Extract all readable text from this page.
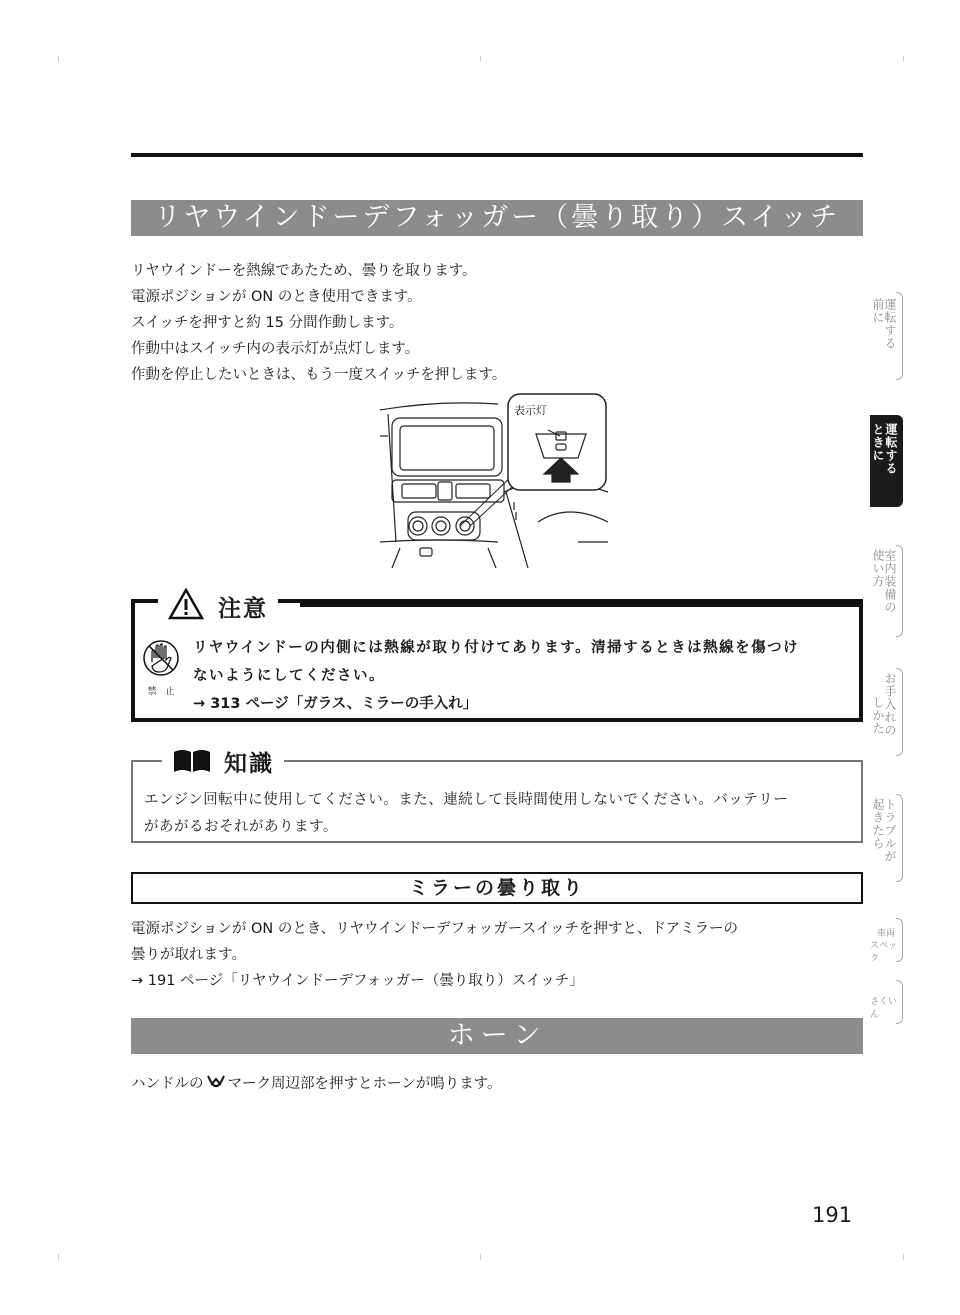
リヤウインドーデフォッガー（曇り取り）スイッチ
リヤウインドーを熱線であたため、曇りを取ります。
電源ポジションが ON のとき使用できます。
スイッチを押すと約 15 分間作動します。
作動中はスイッチ内の表示灯が点灯します。
作動を停止したいときは、もう一度スイッチを押します。
表示灯
注意
禁　止
リヤウインドーの内側には熱線が取り付けてあります。清掃するときは熱線を傷つけ
ないようにしてください。
→ 313 ページ「ガラス、ミラーの手入れ」
知識
エンジン回転中に使用してください。また、連続して長時間使用しないでください。バッテリー
があがるおそれがあります。
ミラーの曇り取り
電源ポジションが ON のとき、リヤウインドーデフォッガースイッチを押すと、ドアミラーの
曇りが取れます。
→ 191 ページ「リヤウインドーデフォッガー（曇り取り）スイッチ」
ホーン
ハンドルの マーク周辺部を押すとホーンが鳴ります。
191
運転する
前に
運転する
ときに
室内装備の
使い方
お手入れの
しかた
トラブルが
起きたら
車両
スペック
さくいん
